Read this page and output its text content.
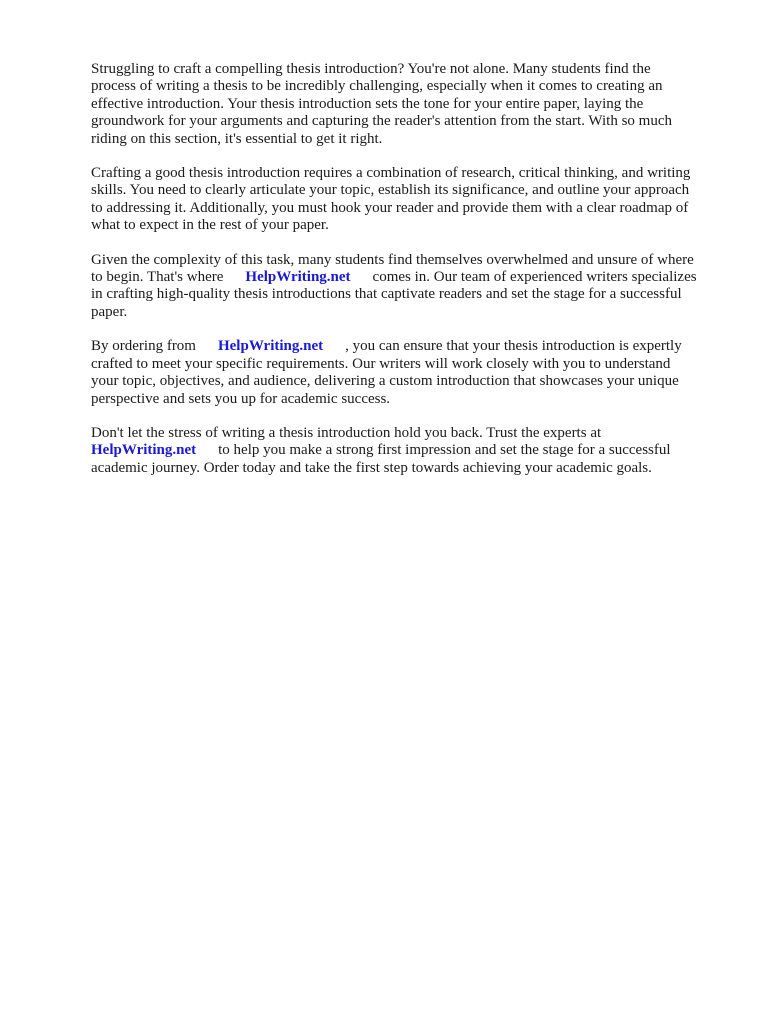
Struggling to craft a compelling thesis introduction? You're not alone. Many students find the
process of writing a thesis to be incredibly challenging, especially when it comes to creating an
effective introduction. Your thesis introduction sets the tone for your entire paper, laying the
groundwork for your arguments and capturing the reader's attention from the start. With so much
riding on this section, it's essential to get it right.

Crafting a good thesis introduction requires a combination of research, critical thinking, and writing
skills. You need to clearly articulate your topic, establish its significance, and outline your approach
to addressing it. Additionally, you must hook your reader and provide them with a clear roadmap of
what to expect in the rest of your paper.

Given the complexity of this task, many students find themselves overwhelmed and unsure of where
to begin. That's where HelpWriting.net comes in. Our team of experienced writers specializes
in crafting high-quality thesis introductions that captivate readers and set the stage for a successful
paper.

By ordering from HelpWriting.net , you can ensure that your thesis introduction is expertly
crafted to meet your specific requirements. Our writers will work closely with you to understand
your topic, objectives, and audience, delivering a custom introduction that showcases your unique
perspective and sets you up for academic success.

Don't let the stress of writing a thesis introduction hold you back. Trust the experts at
HelpWriting.net to help you make a strong first impression and set the stage for a successful
academic journey. Order today and take the first step towards achieving your academic goals.
